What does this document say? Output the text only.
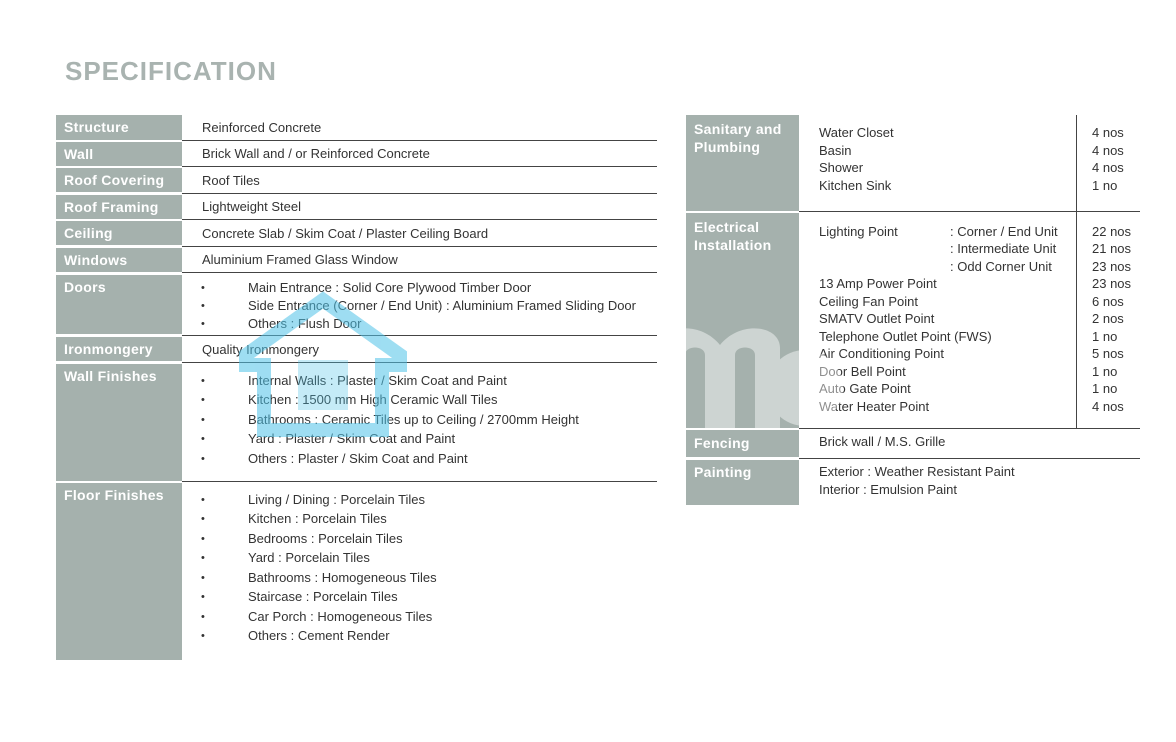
SPECIFICATION
Structure	Reinforced Concrete
Wall	Brick Wall and / or Reinforced Concrete
Roof Covering	Roof Tiles
Roof Framing	Lightweight Steel
Ceiling	Concrete Slab / Skim Coat / Plaster Ceiling Board
Windows	Aluminium Framed Glass Window
Doors	•	Main Entrance : Solid Core Plywood Timber Door
•	Side Entrance (Corner / End Unit) : Aluminium Framed Sliding Door
•	Others : Flush Door
Ironmongery	Quality Ironmongery
Wall Finishes	•	Internal Walls : Plaster / Skim Coat and Paint
•	Kitchen : 1500 mm High Ceramic Wall Tiles
•	Bathrooms : Ceramic Tiles up to Ceiling / 2700mm Height
•	Yard : Plaster / Skim Coat and Paint
•	Others : Plaster / Skim Coat and Paint
Floor Finishes	•	Living / Dining : Porcelain Tiles
•	Kitchen : Porcelain Tiles
•	Bedrooms : Porcelain Tiles
•	Yard : Porcelain Tiles
•	Bathrooms : Homogeneous Tiles
•	Staircase : Porcelain Tiles
•	Car Porch : Homogeneous Tiles
•	Others : Cement Render
Sanitary and
Plumbing
Water Closet	4 nos
Basin	4 nos
Shower	4 nos
Kitchen Sink	1 no
Electrical
Installation
Lighting Point	: Corner / End Unit	22 nos
: Intermediate Unit	21 nos
: Odd Corner Unit	23 nos
13 Amp Power Point	23 nos
Ceiling Fan Point	6 nos
SMATV Outlet Point	2 nos
Telephone Outlet Point (FWS)	1 no
Air Conditioning Point	5 nos
Door Bell Point	1 no
Auto Gate Point	1 no
Water Heater Point	4 nos
Fencing	Brick wall / M.S. Grille
Painting	Exterior : Weather Resistant Paint
Interior : Emulsion Paint
